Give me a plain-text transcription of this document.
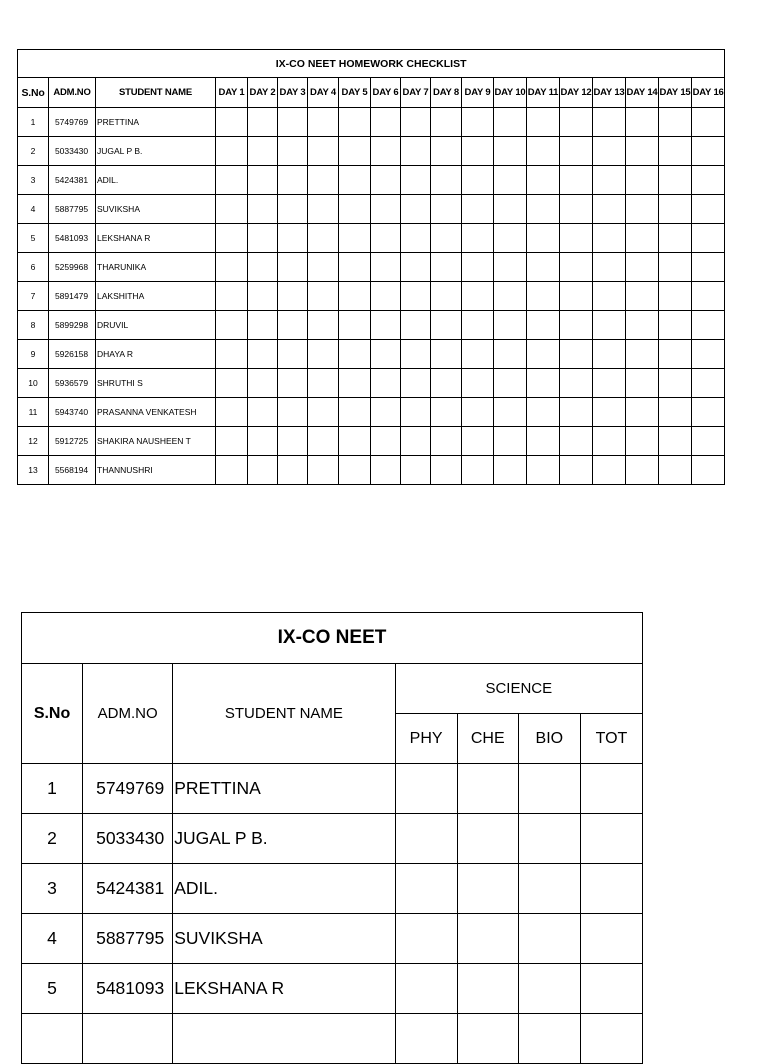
IX-CO NEET HOMEWORK CHECKLIST																		
S.No	ADM.NO	STUDENT NAME	DAY 1	DAY 2	DAY 3	DAY 4	DAY 5	DAY 6	DAY 7	DAY 8	DAY 9	DAY 10	DAY 11	DAY 12	DAY 13	DAY 14	DAY 15	DAY 16
1	5749769	PRETTINA																
2	5033430	JUGAL P B.																
3	5424381	ADIL.																
4	5887795	SUVIKSHA																
5	5481093	LEKSHANA R																
6	5259968	THARUNIKA																
7	5891479	LAKSHITHA																
8	5899298	DRUVIL																
9	5926158	DHAYA R																
10	5936579	SHRUTHI S																
11	5943740	PRASANNA VENKATESH																
12	5912725	SHAKIRA NAUSHEEN T																
13	5568194	THANNUSHRI																
IX-CO NEET						
S.No	ADM.NO	STUDENT NAME	SCIENCE			
			PHY	CHE	BIO	TOT
1	5749769	PRETTINA				
2	5033430	JUGAL P B.				
3	5424381	ADIL.				
4	5887795	SUVIKSHA				
5	5481093	LEKSHANA R				
